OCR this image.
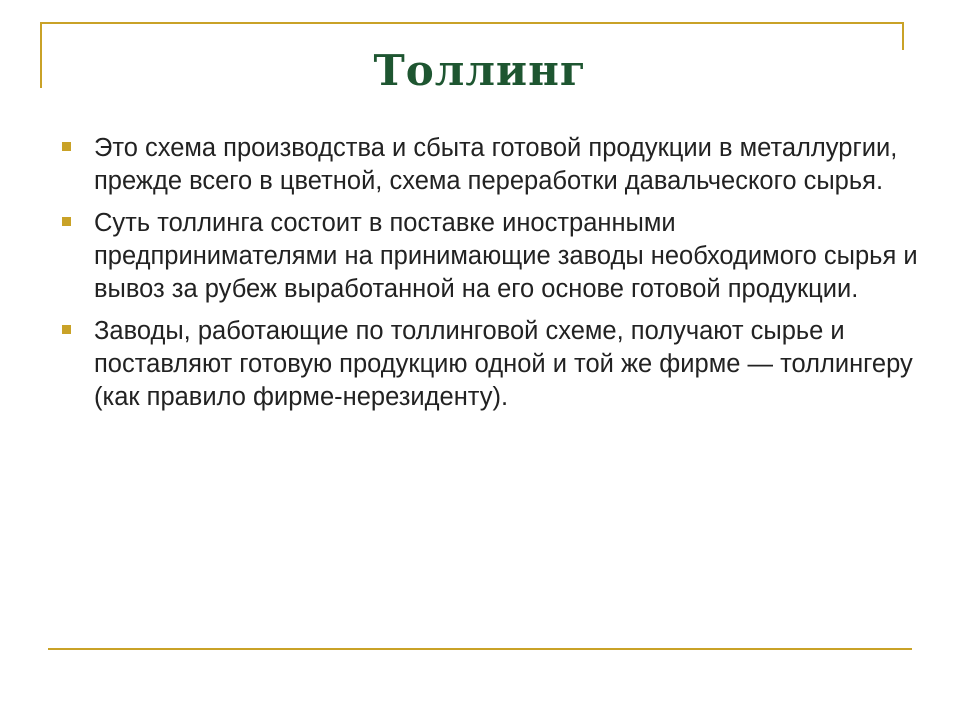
Толлинг
Это схема производства и сбыта готовой продукции в металлургии, прежде всего в цветной, схема переработки давальческого сырья.
Суть толлинга состоит в поставке иностранными предпринимателями на принимающие заводы необходимого сырья и вывоз за рубеж выработанной на его основе готовой продукции.
Заводы, работающие по толлинговой схеме, получают сырье и поставляют готовую продукцию одной и той же фирме — толлингеру (как правило фирме-нерезиденту).
